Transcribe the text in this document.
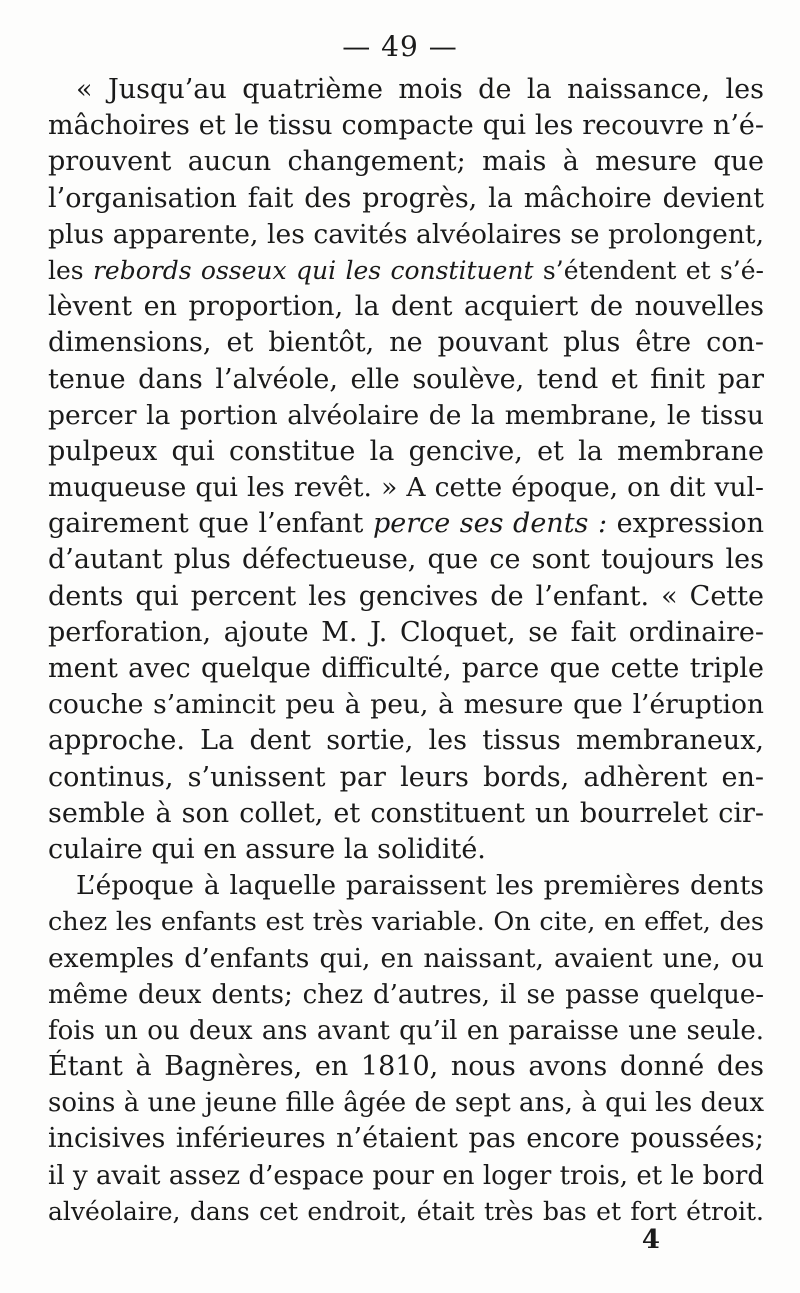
— 49 —
« Jusqu’au quatrième mois de la naissance, les
mâchoires et le tissu compacte qui les recouvre n’é-
prouvent aucun changement; mais à mesure que
l’organisation fait des progrès, la mâchoire devient
plus apparente, les cavités alvéolaires se prolongent,
les rebords osseux qui les constituent s’étendent et s’é-
lèvent en proportion, la dent acquiert de nouvelles
dimensions, et bientôt, ne pouvant plus être con-
tenue dans l’alvéole, elle soulève, tend et finit par
percer la portion alvéolaire de la membrane, le tissu
pulpeux qui constitue la gencive, et la membrane
muqueuse qui les revêt. » A cette époque, on dit vul-
gairement que l’enfant perce ses dents : expression
d’autant plus défectueuse, que ce sont toujours les
dents qui percent les gencives de l’enfant. « Cette
perforation, ajoute M. J. Cloquet, se fait ordinaire-
ment avec quelque difficulté, parce que cette triple
couche s’amincit peu à peu, à mesure que l’éruption
approche. La dent sortie, les tissus membraneux,
continus, s’unissent par leurs bords, adhèrent en-
semble à son collet, et constituent un bourrelet cir-
culaire qui en assure la solidité.
L’époque à laquelle paraissent les premières dents
chez les enfants est très variable. On cite, en effet, des
exemples d’enfants qui, en naissant, avaient une, ou
même deux dents; chez d’autres, il se passe quelque-
fois un ou deux ans avant qu’il en paraisse une seule.
Étant à Bagnères, en 1810, nous avons donné des
soins à une jeune fille âgée de sept ans, à qui les deux
incisives inférieures n’étaient pas encore poussées;
il y avait assez d’espace pour en loger trois, et le bord
alvéolaire, dans cet endroit, était très bas et fort étroit.
4
